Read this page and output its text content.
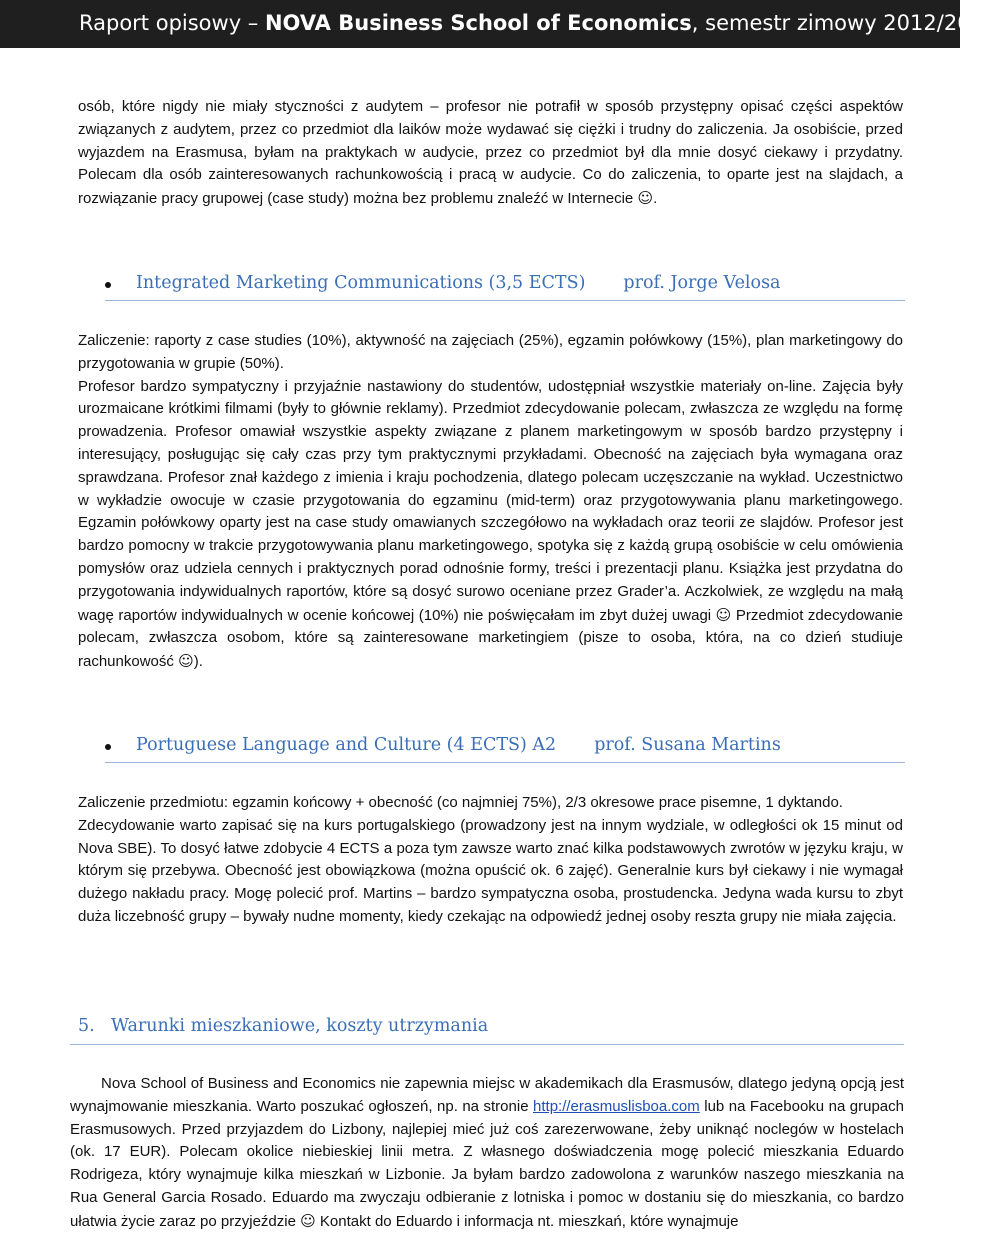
Raport opisowy – NOVA Business School of Economics, semestr zimowy 2012/2013

osób, które nigdy nie miały styczności z audytem – profesor nie potrafił w sposób przystępny opisać części aspektów związanych z audytem, przez co przedmiot dla laików może wydawać się ciężki i trudny do zaliczenia. Ja osobiście, przed wyjazdem na Erasmusa, byłam na praktykach w audycie, przez co przedmiot był dla mnie dosyć ciekawy i przydatny. Polecam dla osób zainteresowanych rachunkowością i pracą w audycie. Co do zaliczenia, to oparte jest na slajdach, a rozwiązanie pracy grupowej (case study) można bez problemu znaleźć w Internecie ☺.

Integrated Marketing Communications (3,5 ECTS) prof. Jorge Velosa

Zaliczenie: raporty z case studies (10%), aktywność na zajęciach (25%), egzamin połówkowy (15%), plan marketingowy do przygotowania w grupie (50%).

Profesor bardzo sympatyczny i przyjaźnie nastawiony do studentów, udostępniał wszystkie materiały on-line. Zajęcia były urozmaicane krótkimi filmami (były to głównie reklamy). Przedmiot zdecydowanie polecam, zwłaszcza ze względu na formę prowadzenia. Profesor omawiał wszystkie aspekty związane z planem marketingowym w sposób bardzo przystępny i interesujący, posługując się cały czas przy tym praktycznymi przykładami. Obecność na zajęciach była wymagana oraz sprawdzana. Profesor znał każdego z imienia i kraju pochodzenia, dlatego polecam uczęszczanie na wykład. Uczestnictwo w wykładzie owocuje w czasie przygotowania do egzaminu (mid-term) oraz przygotowywania planu marketingowego. Egzamin połówkowy oparty jest na case study omawianych szczegółowo na wykładach oraz teorii ze slajdów. Profesor jest bardzo pomocny w trakcie przygotowywania planu marketingowego, spotyka się z każdą grupą osobiście w celu omówienia pomysłów oraz udziela cennych i praktycznych porad odnośnie formy, treści i prezentacji planu. Książka jest przydatna do przygotowania indywidualnych raportów, które są dosyć surowo oceniane przez Grader’a. Aczkolwiek, ze względu na małą wagę raportów indywidualnych w ocenie końcowej (10%) nie poświęcałam im zbyt dużej uwagi ☺ Przedmiot zdecydowanie polecam, zwłaszcza osobom, które są zainteresowane marketingiem (pisze to osoba, która, na co dzień studiuje rachunkowość ☺).

Portuguese Language and Culture (4 ECTS) A2 prof. Susana Martins

Zaliczenie przedmiotu: egzamin końcowy + obecność (co najmniej 75%), 2/3 okresowe prace pisemne, 1 dyktando.

Zdecydowanie warto zapisać się na kurs portugalskiego (prowadzony jest na innym wydziale, w odległości ok 15 minut od Nova SBE). To dosyć łatwe zdobycie 4 ECTS a poza tym zawsze warto znać kilka podstawowych zwrotów w języku kraju, w którym się przebywa. Obecność jest obowiązkowa (można opuścić ok. 6 zajęć). Generalnie kurs był ciekawy i nie wymagał dużego nakładu pracy. Mogę polecić prof. Martins – bardzo sympatyczna osoba, prostudencka. Jedyna wada kursu to zbyt duża liczebność grupy – bywały nudne momenty, kiedy czekając na odpowiedź jednej osoby reszta grupy nie miała zajęcia.

5. Warunki mieszkaniowe, koszty utrzymania

Nova School of Business and Economics nie zapewnia miejsc w akademikach dla Erasmusów, dlatego jedyną opcją jest wynajmowanie mieszkania. Warto poszukać ogłoszeń, np. na stronie http://erasmuslisboa.com lub na Facebooku na grupach Erasmusowych. Przed przyjazdem do Lizbony, najlepiej mieć już coś zarezerwowane, żeby uniknąć noclegów w hostelach (ok. 17 EUR). Polecam okolice niebieskiej linii metra. Z własnego doświadczenia mogę polecić mieszkania Eduardo Rodrigeza, który wynajmuje kilka mieszkań w Lizbonie. Ja byłam bardzo zadowolona z warunków naszego mieszkania na Rua General Garcia Rosado. Eduardo ma zwyczaju odbieranie z lotniska i pomoc w dostaniu się do mieszkania, co bardzo ułatwia życie zaraz po przyjeździe ☺ Kontakt do Eduardo i informacja nt. mieszkań, które wynajmuje
